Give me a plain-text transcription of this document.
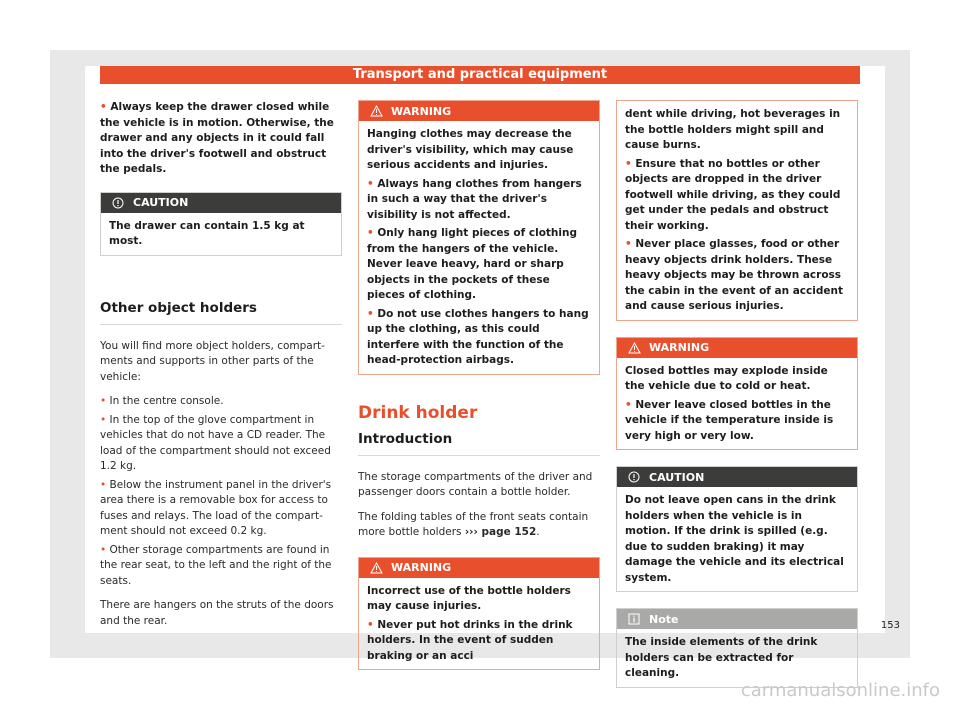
Transport and practical equipment

• Always keep the drawer closed while the vehicle is in motion. Otherwise, the drawer and any objects in it could fall into the driver's footwell and obstruct the pedals.

CAUTION

The drawer can contain 1.5 kg at most.

Other object holders

You will find more object holders, compartments and supports in other parts of the vehicle:

• In the centre console.

• In the top of the glove compartment in vehicles that do not have a CD reader. The load of the compartment should not exceed 1.2 kg.

• Below the instrument panel in the driver's area there is a removable box for access to fuses and relays. The load of the compartment should not exceed 0.2 kg.

• Other storage compartments are found in the rear seat, to the left and the right of the seats.

There are hangers on the struts of the doors and the rear.

WARNING

Hanging clothes may decrease the driver's visibility, which may cause serious accidents and injuries.

• Always hang clothes from hangers in such a way that the driver's visibility is not affected.

• Only hang light pieces of clothing from the hangers of the vehicle. Never leave heavy, hard or sharp objects in the pockets of these pieces of clothing.

• Do not use clothes hangers to hang up the clothing, as this could interfere with the function of the head-protection airbags.

Drink holder

Introduction

The storage compartments of the driver and passenger doors contain a bottle holder.

The folding tables of the front seats contain more bottle holders ››› page 152.

WARNING

Incorrect use of the bottle holders may cause injuries.

• Never put hot drinks in the drink holders. In the event of sudden braking or an acci

dent while driving, hot beverages in the bottle holders might spill and cause burns.

• Ensure that no bottles or other objects are dropped in the driver footwell while driving, as they could get under the pedals and obstruct their working.

• Never place glasses, food or other heavy objects drink holders. These heavy objects may be thrown across the cabin in the event of an accident and cause serious injuries.

WARNING

Closed bottles may explode inside the vehicle due to cold or heat.

• Never leave closed bottles in the vehicle if the temperature inside is very high or very low.

CAUTION

Do not leave open cans in the drink holders when the vehicle is in motion. If the drink is spilled (e.g. due to sudden braking) it may damage the vehicle and its electrical system.

Note

The inside elements of the drink holders can be extracted for cleaning.

153
carmanualsonline.info
